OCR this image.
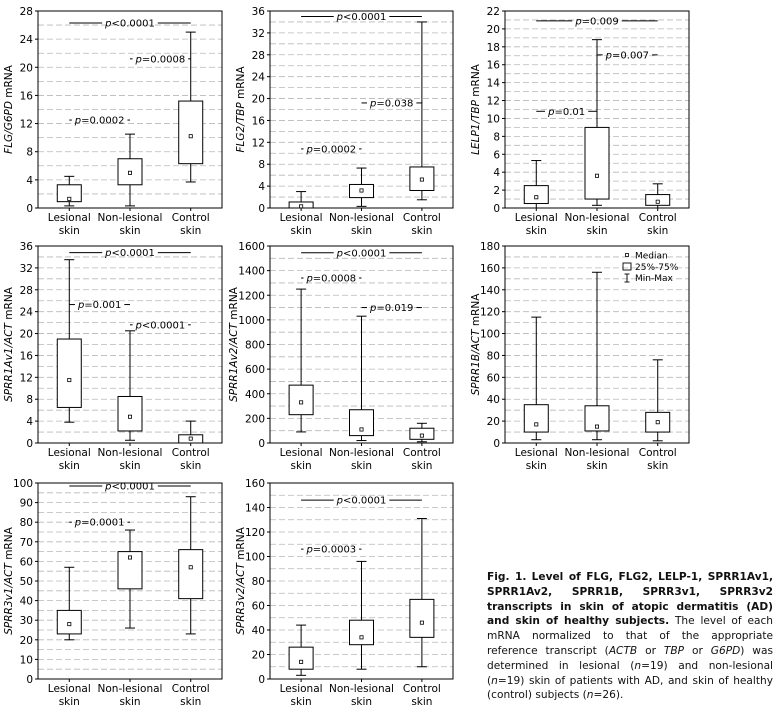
0
4
8
12
16
20
24
28
FLG/G6PD mRNA
Lesional
skin
Non-lesional
skin
Control
skin
p<0.0001
p=0.0008
p=0.0002
0
4
8
12
16
20
24
28
32
36
FLG2/TBP mRNA
Lesional
skin
Non-lesional
skin
Control
skin
p<0.0001
p=0.038
p=0.0002
0
2
4
6
8
10
12
14
16
18
20
22
LELP1/TBP mRNA
Lesional
skin
Non-lesional
skin
Control
skin
p=0.009
p=0.007
p=0.01
0
4
8
12
16
20
24
28
32
36
SPRR1Av1/ACT mRNA
Lesional
skin
Non-lesional
skin
Control
skin
p<0.0001
p=0.001
p<0.0001
0
200
400
600
800
1000
1200
1400
1600
SPRR1Av2/ACT mRNA
Lesional
skin
Non-lesional
skin
Control
skin
p<0.0001
p=0.0008
p=0.019
0
20
40
60
80
100
120
140
160
180
SPRR1B/ACT mRNA
Lesional
skin
Non-lesional
skin
Control
skin
Median
25%-75%
Min-Max
0
10
20
30
40
50
60
70
80
90
100
SPRR3v1/ACT mRNA
Lesional
skin
Non-lesional
skin
Control
skin
p<0.0001
p=0.0001
0
20
40
60
80
100
120
140
160
SPRR3v2/ACT mRNA
Lesional
skin
Non-lesional
skin
Control
skin
p<0.0001
p=0.0003
Fig. 1. Level of FLG, FLG2, LELP-1, SPRR1Av1, SPRR1Av2, SPRR1B, SPRR3v1, SPRR3v2 transcripts in skin of atopic dermatitis (AD) and skin of healthy subjects. The level of each mRNA normalized to that of the appropriate reference transcript (ACTB or TBP or G6PD) was determined in lesional (n=19) and non-lesional (n=19) skin of patients with AD, and skin of healthy (control) subjects (n=26).
